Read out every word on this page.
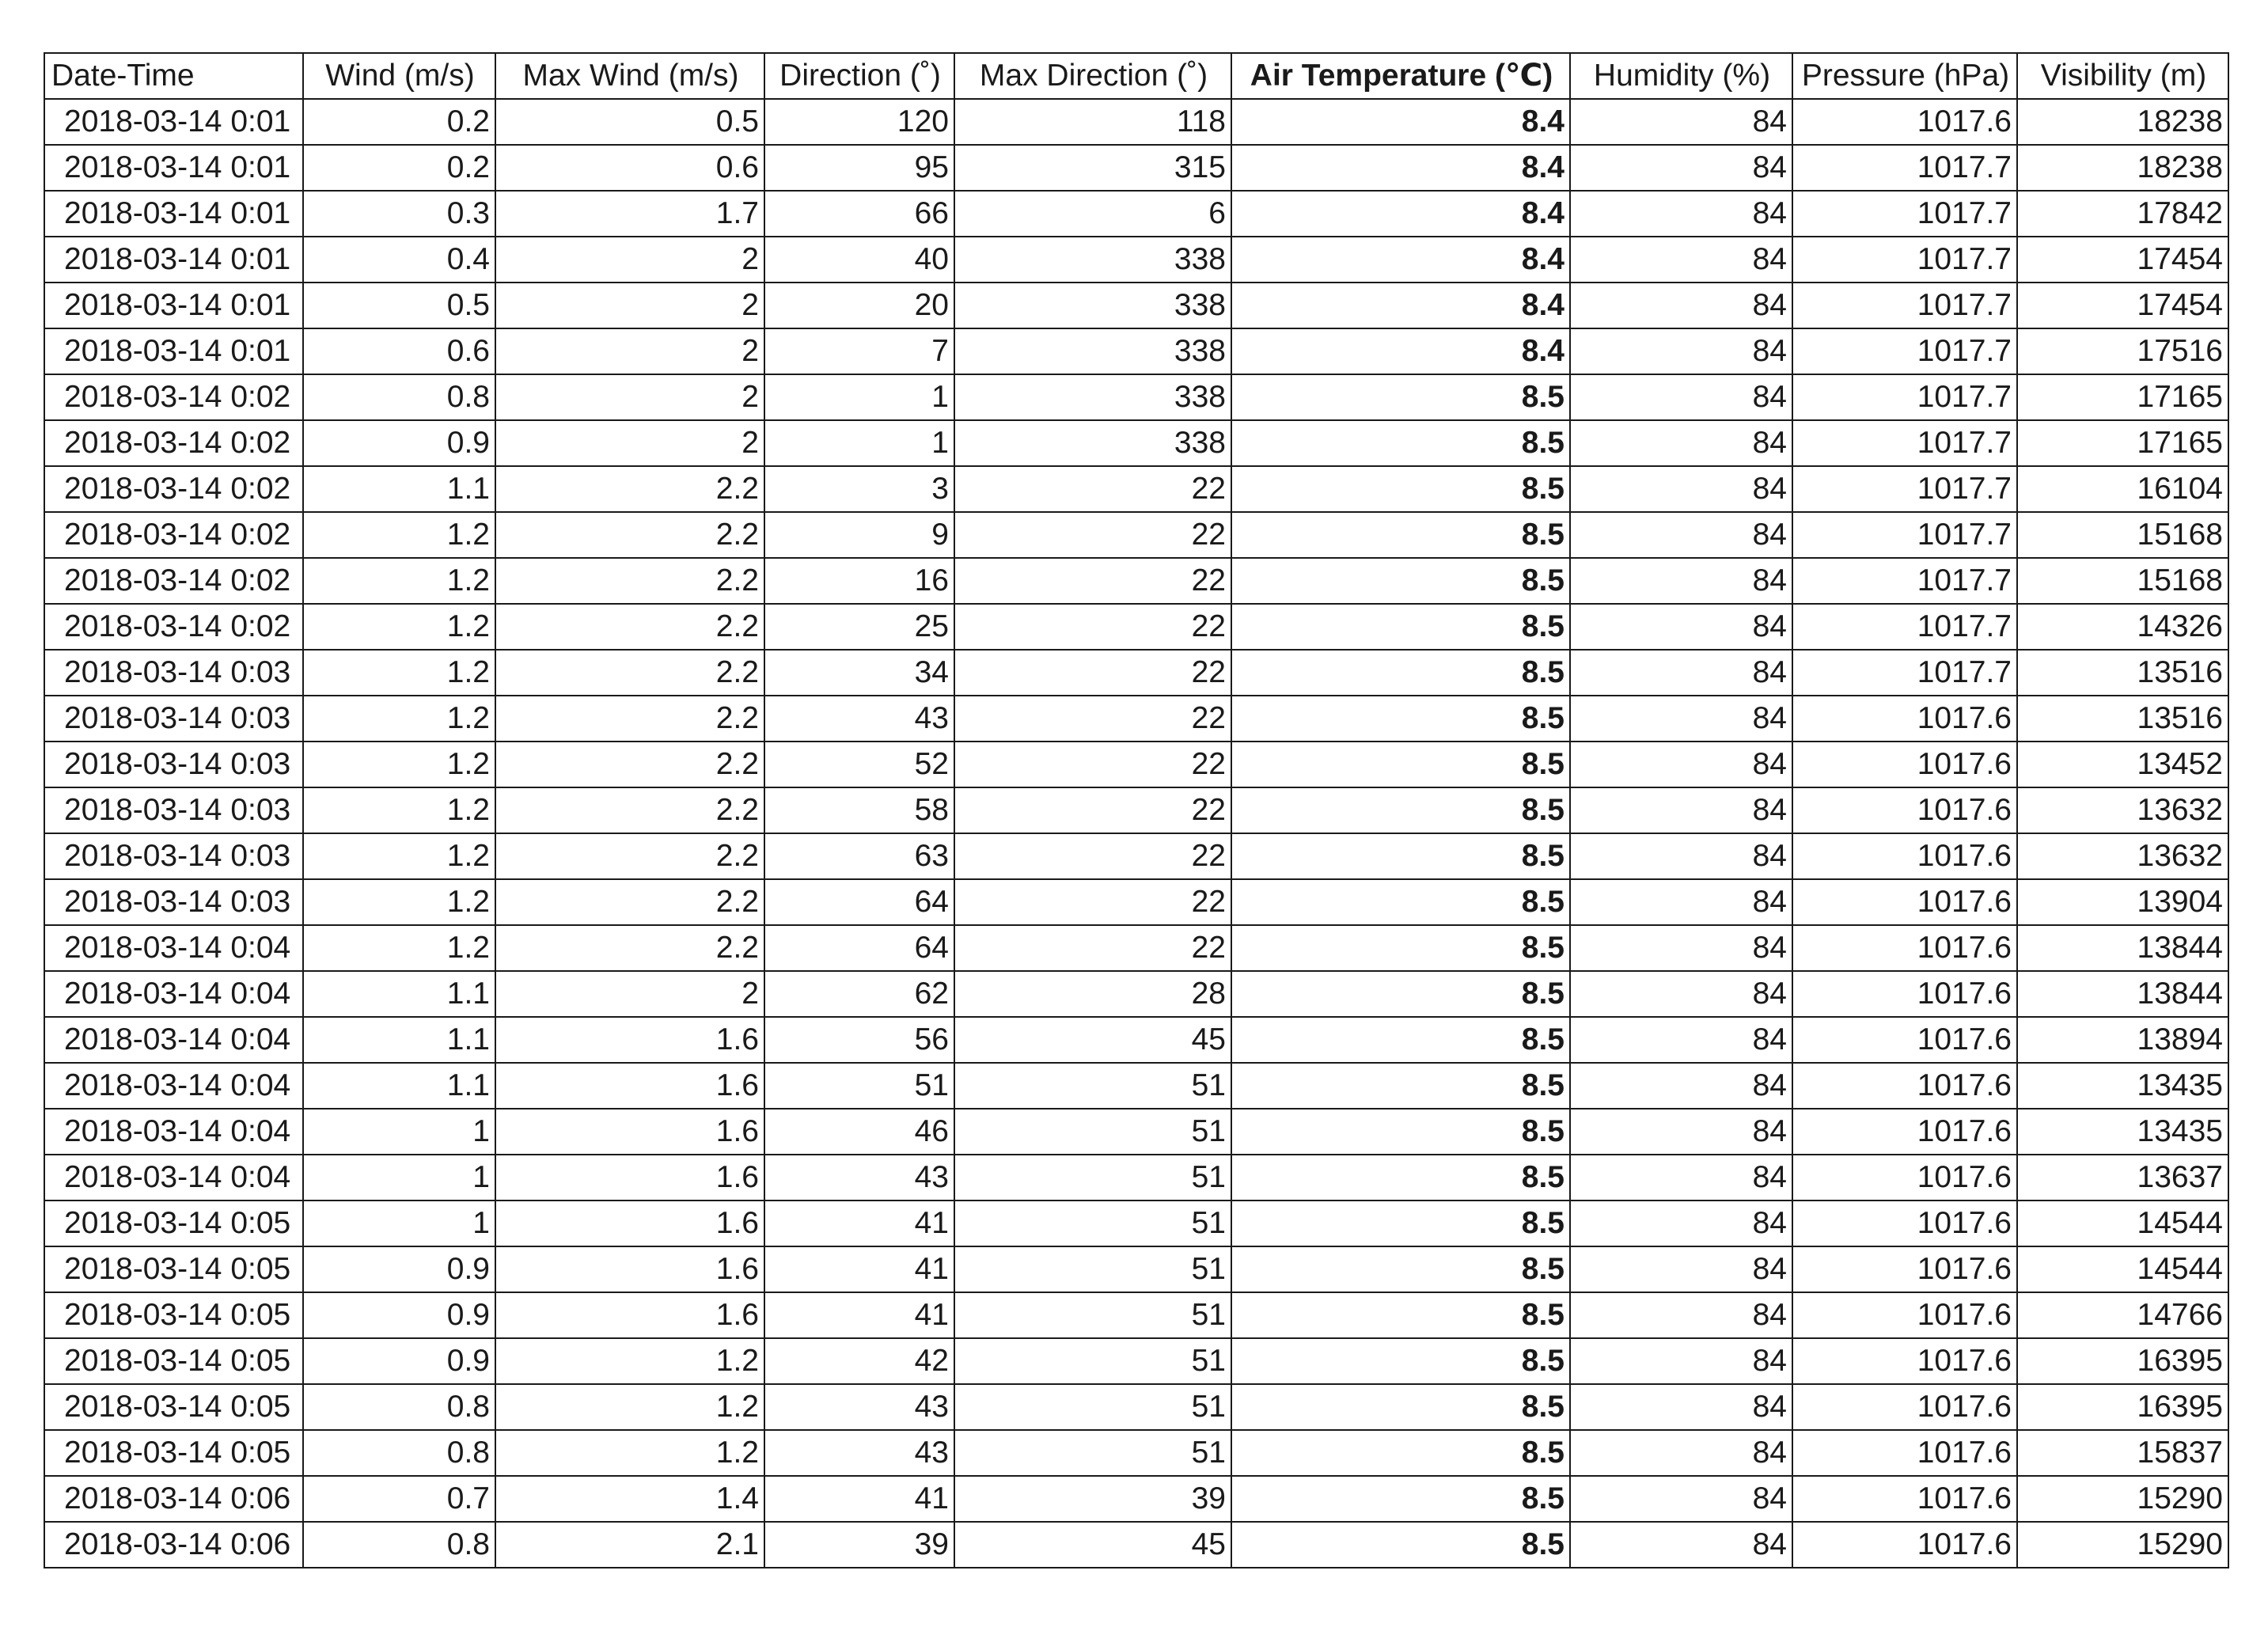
Date-Time	Wind (m/s)	Max Wind (m/s)	Direction (˚)	Max Direction (˚)	Air Temperature (℃)	Humidity (%)	Pressure (hPa)	Visibility (m)
2018-03-14 0:01	0.2	0.5	120	118	8.4	84	1017.6	18238
2018-03-14 0:01	0.2	0.6	95	315	8.4	84	1017.7	18238
2018-03-14 0:01	0.3	1.7	66	6	8.4	84	1017.7	17842
2018-03-14 0:01	0.4	2	40	338	8.4	84	1017.7	17454
2018-03-14 0:01	0.5	2	20	338	8.4	84	1017.7	17454
2018-03-14 0:01	0.6	2	7	338	8.4	84	1017.7	17516
2018-03-14 0:02	0.8	2	1	338	8.5	84	1017.7	17165
2018-03-14 0:02	0.9	2	1	338	8.5	84	1017.7	17165
2018-03-14 0:02	1.1	2.2	3	22	8.5	84	1017.7	16104
2018-03-14 0:02	1.2	2.2	9	22	8.5	84	1017.7	15168
2018-03-14 0:02	1.2	2.2	16	22	8.5	84	1017.7	15168
2018-03-14 0:02	1.2	2.2	25	22	8.5	84	1017.7	14326
2018-03-14 0:03	1.2	2.2	34	22	8.5	84	1017.7	13516
2018-03-14 0:03	1.2	2.2	43	22	8.5	84	1017.6	13516
2018-03-14 0:03	1.2	2.2	52	22	8.5	84	1017.6	13452
2018-03-14 0:03	1.2	2.2	58	22	8.5	84	1017.6	13632
2018-03-14 0:03	1.2	2.2	63	22	8.5	84	1017.6	13632
2018-03-14 0:03	1.2	2.2	64	22	8.5	84	1017.6	13904
2018-03-14 0:04	1.2	2.2	64	22	8.5	84	1017.6	13844
2018-03-14 0:04	1.1	2	62	28	8.5	84	1017.6	13844
2018-03-14 0:04	1.1	1.6	56	45	8.5	84	1017.6	13894
2018-03-14 0:04	1.1	1.6	51	51	8.5	84	1017.6	13435
2018-03-14 0:04	1	1.6	46	51	8.5	84	1017.6	13435
2018-03-14 0:04	1	1.6	43	51	8.5	84	1017.6	13637
2018-03-14 0:05	1	1.6	41	51	8.5	84	1017.6	14544
2018-03-14 0:05	0.9	1.6	41	51	8.5	84	1017.6	14544
2018-03-14 0:05	0.9	1.6	41	51	8.5	84	1017.6	14766
2018-03-14 0:05	0.9	1.2	42	51	8.5	84	1017.6	16395
2018-03-14 0:05	0.8	1.2	43	51	8.5	84	1017.6	16395
2018-03-14 0:05	0.8	1.2	43	51	8.5	84	1017.6	15837
2018-03-14 0:06	0.7	1.4	41	39	8.5	84	1017.6	15290
2018-03-14 0:06	0.8	2.1	39	45	8.5	84	1017.6	15290
